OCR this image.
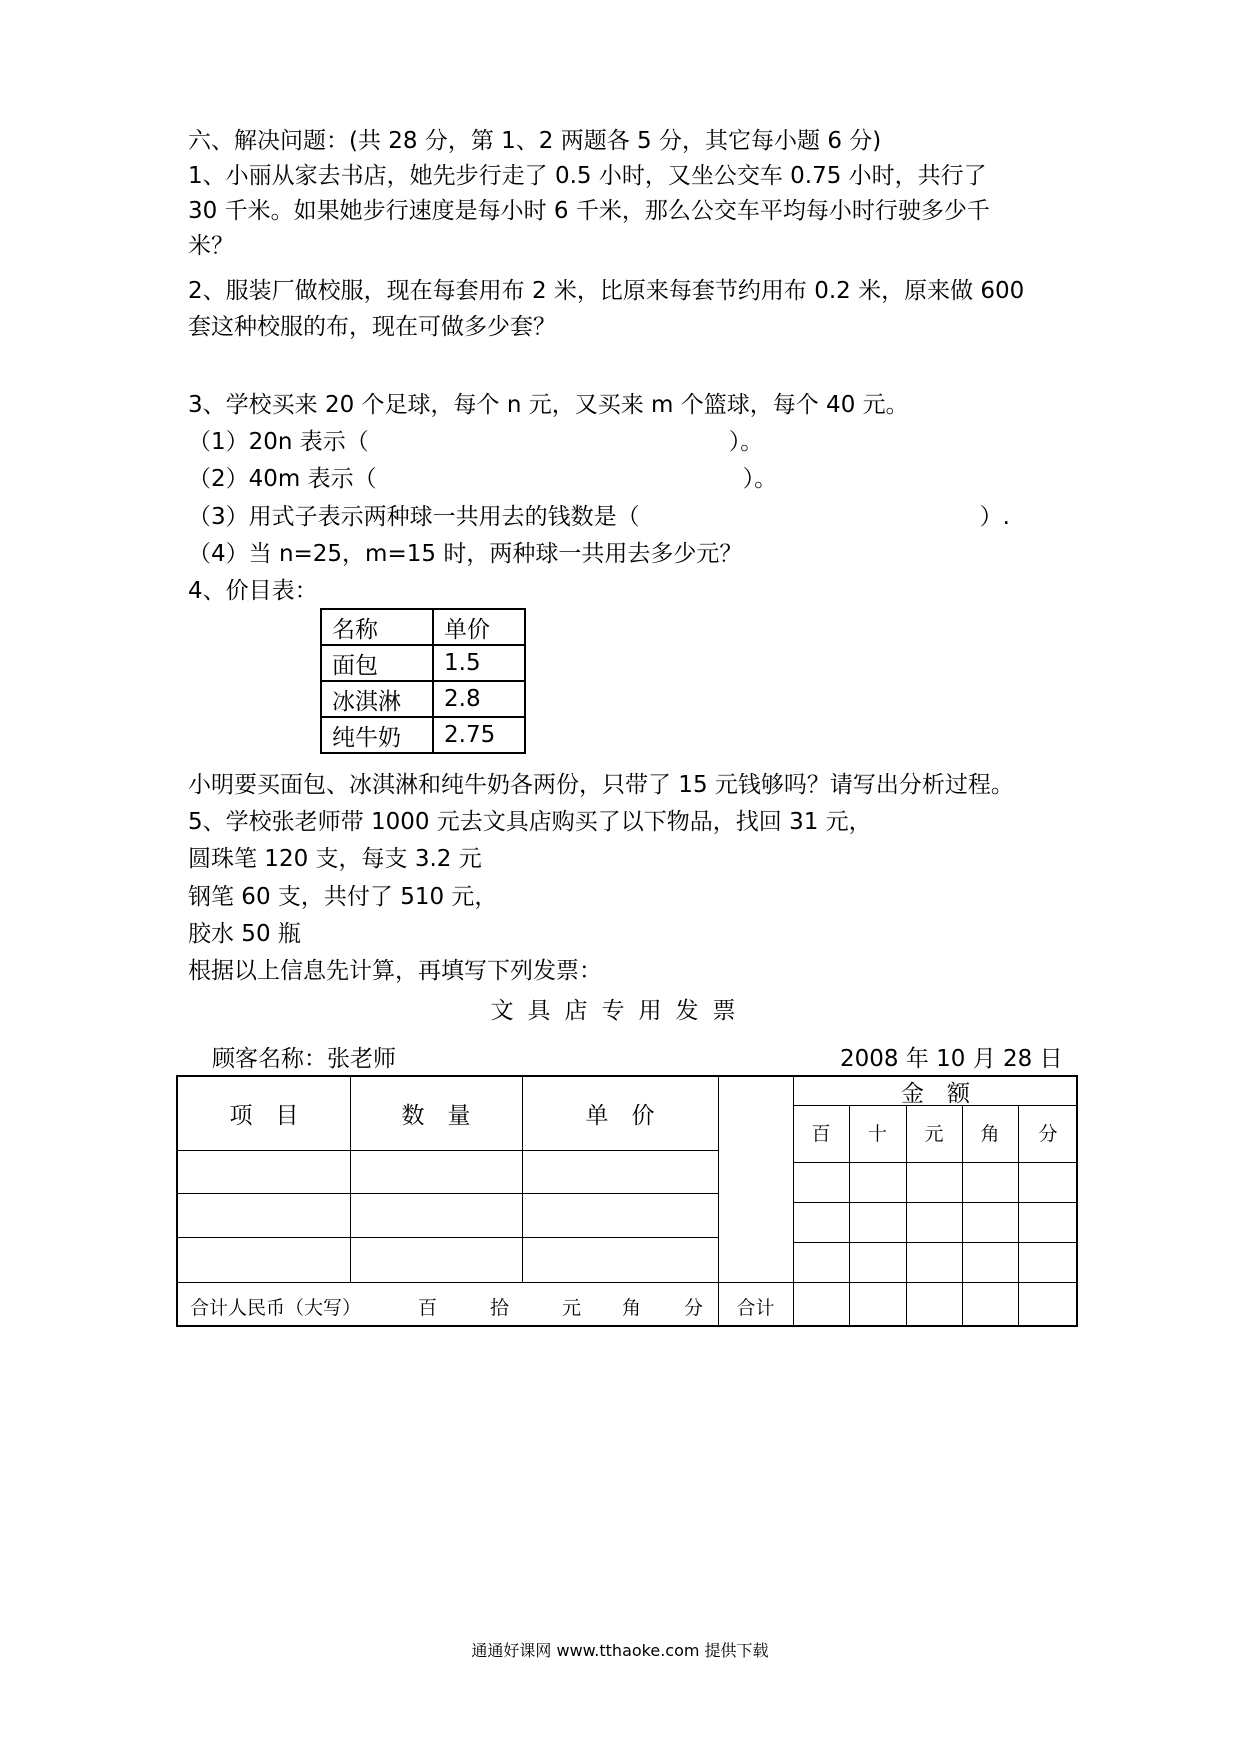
六、解决问题：(共 28 分，第 1、2 两题各 5 分，其它每小题 6 分)
1、小丽从家去书店，她先步行走了 0.5 小时，又坐公交车 0.75 小时，共行了
30 千米。如果她步行速度是每小时 6 千米，那么公交车平均每小时行驶多少千
米？
2、服装厂做校服，现在每套用布 2 米，比原来每套节约用布 0.2 米，原来做 600
套这种校服的布，现在可做多少套？
3、学校买来 20 个足球，每个 n 元，又买来 m 个篮球，每个 40 元。
（1）20n 表示（	）。
（2）40m 表示（	）。
（3）用式子表示两种球一共用去的钱数是（	）.
（4）当 n=25，m=15 时，两种球一共用去多少元？
4、价目表：
名称	单价
面包	1.5
冰淇淋	2.8
纯牛奶	2.75
小明要买面包、冰淇淋和纯牛奶各两份，只带了 15 元钱够吗？请写出分析过程。
5、学校张老师带 1000 元去文具店购买了以下物品，找回 31 元，
圆珠笔 120 支，每支 3.2 元
钢笔 60 支，共付了 510 元，
胶水 50 瓶
根据以上信息先计算，再填写下列发票：
文具店专用发票
顾客名称：张老师	2008 年 10 月 28 日
项　目	数　量	单　价
金　额
百	十	元	角	分
合计人民币（大写）	百	拾	元 角 分	合计
通通好课网 www.tthaoke.com 提供下载
